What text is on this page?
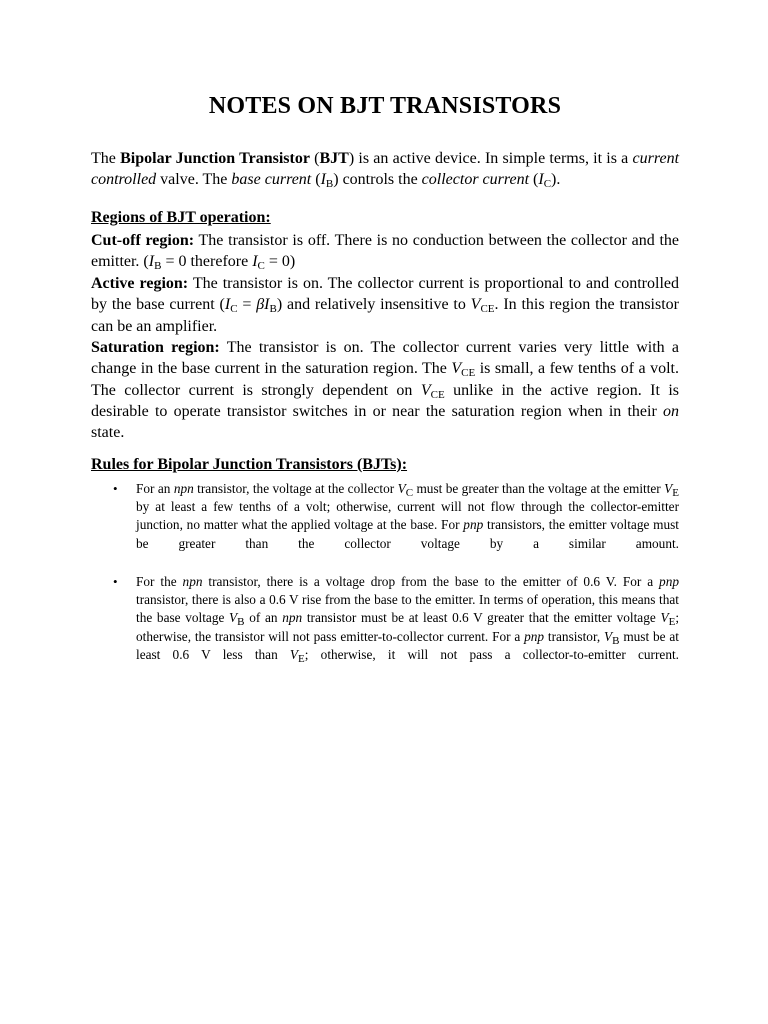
NOTES ON BJT TRANSISTORS

The Bipolar Junction Transistor (BJT) is an active device. In simple terms, it is a current controlled valve. The base current $(I_B)$ controls the collector current $(I_C)$.

Regions of BJT operation:

Cut-off region: The transistor is off. There is no conduction between the collector and the emitter. ($I_B = 0$ therefore $I_C = 0$)

Active region: The transistor is on. The collector current is proportional to and controlled by the base current $(I_C = \beta I_B)$ and relatively insensitive to $V_{CE}$. In this region the transistor can be an amplifier.

Saturation region: The transistor is on. The collector current varies very little with a change in the base current in the saturation region. The $V_{CE}$ is small, a few tenths of a volt. The collector current is strongly dependent on $V_{CE}$ unlike in the active region. It is desirable to operate transistor switches in or near the saturation region when in their on state.

Rules for Bipolar Junction Transistors (BJTs):
• For an npn transistor, the voltage at the collector $V_C$ must be greater than the voltage at the emitter $V_E$ by at least a few tenths of a volt; otherwise, current will not flow through the collector-emitter junction, no matter what the applied voltage at the base. For pnp transistors, the emitter voltage must be greater than the collector voltage by a similar amount.

• For the npn transistor, there is a voltage drop from the base to the emitter of 0.6 V. For a pnp transistor, there is also a 0.6 V rise from the base to the emitter. In terms of operation, this means that the base voltage $V_B$ of an npn transistor must be at least 0.6 V greater that the emitter voltage $V_E$; otherwise, the transistor will not pass emitter-to-collector current. For a pnp transistor, $V_B$ must be at least 0.6 V less than $V_E$; otherwise, it will not pass a collector-to-emitter current.
